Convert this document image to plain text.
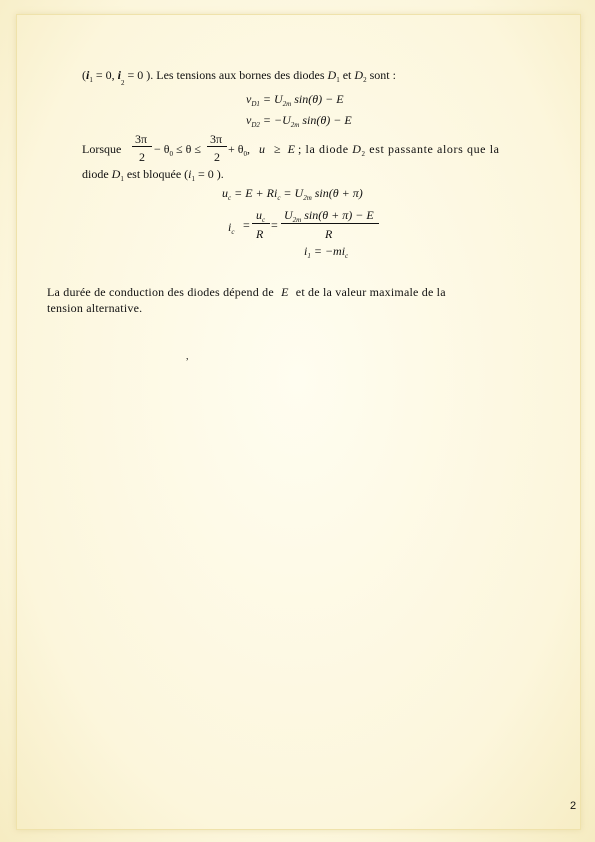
($i_1 = 0$, $i_2 = 0$ ). Les tensions aux bornes des diodes $D_1$ et $D_2$ sont :
$v_{D1} = U_{2m}$ sin(θ) − E
$v_{D2} = -U_{2m}$ sin(θ) − E
Lorsque
3π
2
− $\theta_0 \le \theta$ ≤
3π
2
+ $\theta_0$, u ≥ E ; la diode $D_2$ est passante alors que la
diode $D_1$ est bloquée ($i_1 = 0$ ).
$u_c = E + Ri_c = U_{2m}$ sin(θ + π)
$i_c$ =
$u_c$
R
=
$U_{2m}$ sin(θ + π) − E
R
$i_1 = -mi_c$
La durée de conduction des diodes dépend de E et de la valeur maximale de la
tension alternative.
,
2
